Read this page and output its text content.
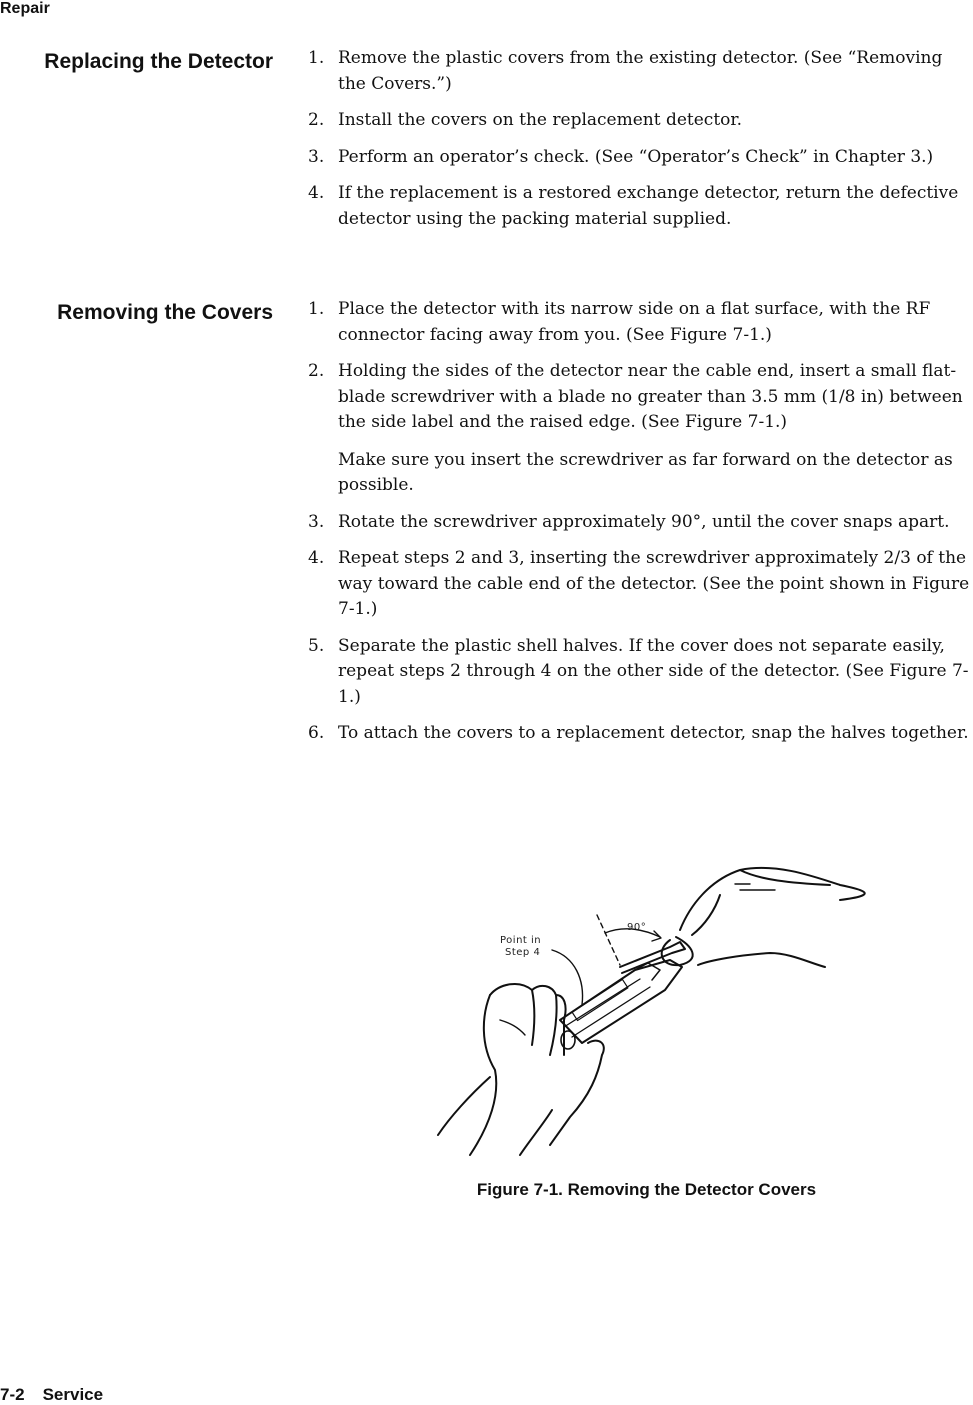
Repair
Replacing the Detector 1. Remove the plastic covers from the existing detector. (See “Removing the Covers.”)
2. Install the covers on the replacement detector.
3. Perform an operator’s check. (See “Operator’s Check” in Chapter 3.)
4. If the replacement is a restored exchange detector, return the defective detector using the packing material supplied.
Removing the Covers 1. Place the detector with its narrow side on a flat surface, with the RF connector facing away from you. (See Figure 7-1.)
2. Holding the sides of the detector near the cable end, insert a small flat-blade screwdriver with a blade no greater than 3.5 mm (1/8 in) between the side label and the raised edge. (See Figure 7-1.)
Make sure you insert the screwdriver as far forward on the detector as possible.
3. Rotate the screwdriver approximately 90°, until the cover snaps apart.
4. Repeat steps 2 and 3, inserting the screwdriver approximately 2/3 of the way toward the cable end of the detector. (See the point shown in Figure 7-1.)
5. Separate the plastic shell halves. If the cover does not separate easily, repeat steps 2 through 4 on the other side of the detector. (See Figure 7-1.)
6. To attach the covers to a replacement detector, snap the halves together.
Point in
Step 4
90°
Figure 7-1. Removing the Detector Covers
7-2 Service
